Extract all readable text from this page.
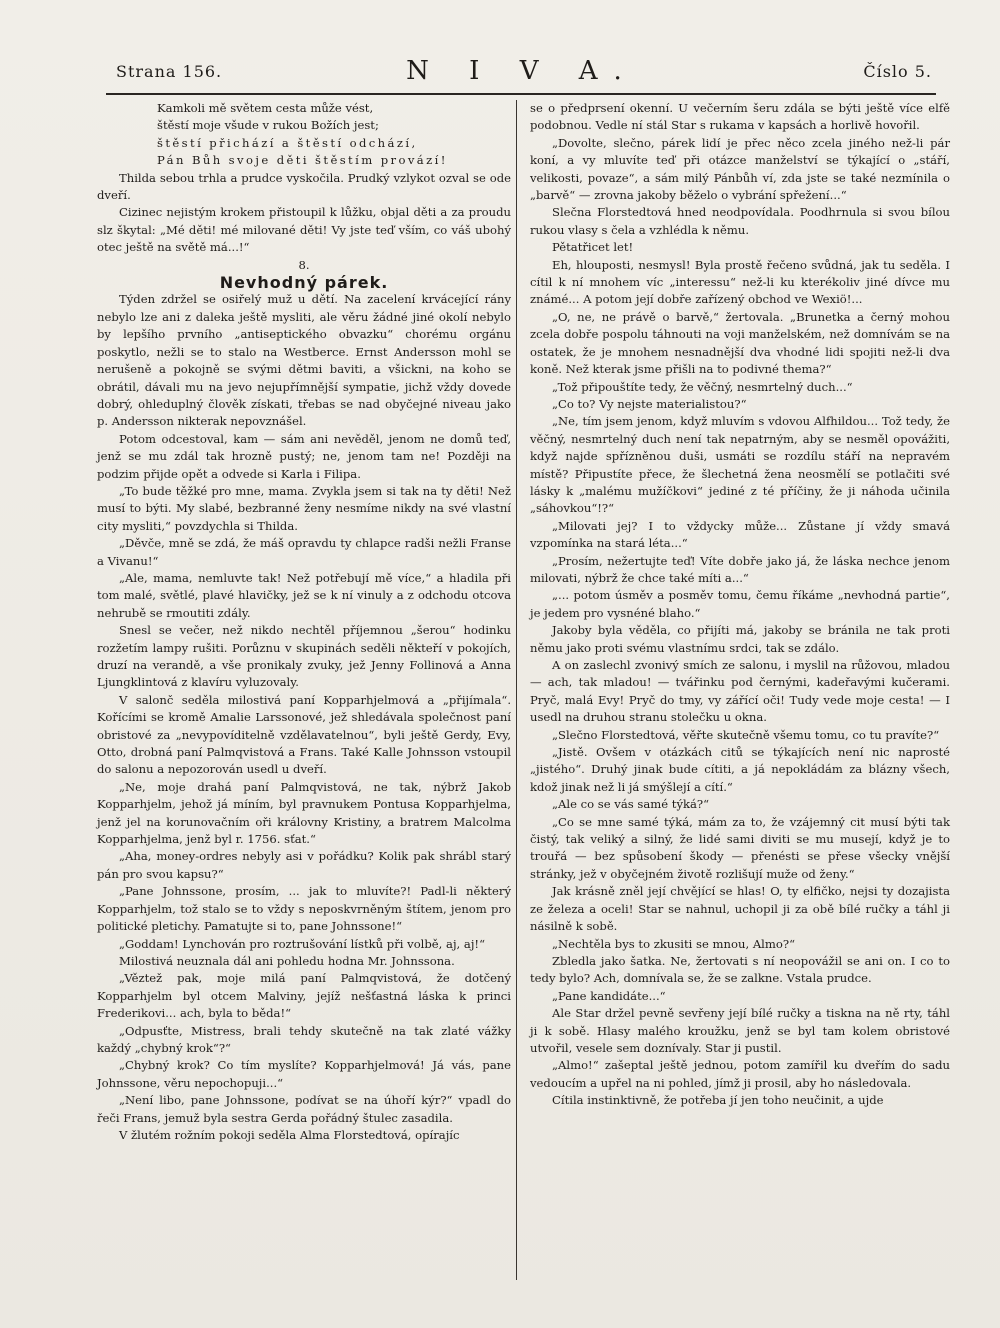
Strana 156.	N I V A.	Číslo 5.

Kamkoli mě světem cesta může vést,

štěstí moje všude v rukou Božích jest;

štěstí přichází a štěstí odchází,

Pán Bůh svoje děti štěstím provází!

Thilda sebou trhla a prudce vyskočila. Prudký vzlykot ozval se ode dveří.

Cizinec nejistým krokem přistoupil k lůžku, objal děti a za proudu slz škytal: „Mé děti! mé milované děti! Vy jste teď vším, co váš ubohý otec ještě na světě má...!“

8.

Nevhodný párek.

Týden zdržel se osiřelý muž u dětí. Na zacelení krvácející rány nebylo lze ani z daleka ještě mysliti, ale věru žádné jiné okolí nebylo by lepšího prvního „antiseptického obvazku“ chorému orgánu poskytlo, nežli se to stalo na Westberce. Ernst Andersson mohl se nerušeně a pokojně se svými dětmi baviti, a všickni, na koho se obrátil, dávali mu na jevo nejupřímnější sympatie, jichž vždy dovede dobrý, ohleduplný člověk získati, třebas se nad obyčejné niveau jako p. Andersson nikterak nepovznášel.

Potom odcestoval, kam — sám ani nevěděl, jenom ne domů teď, jenž se mu zdál tak hrozně pustý; ne, jenom tam ne! Později na podzim přijde opět a odvede si Karla i Filipa.

„To bude těžké pro mne, mama. Zvykla jsem si tak na ty děti! Než musí to býti. My slabé, bezbranné ženy nesmíme nikdy na své vlastní city mysliti,“ povzdychla si Thilda.

„Děvče, mně se zdá, že máš opravdu ty chlapce radši nežli Franse a Vivanu!“

„Ale, mama, nemluvte tak! Než potřebují mě více,“ a hladila při tom malé, světlé, plavé hlavičky, jež se k ní vinuly a z odchodu otcova nehrubě se rmoutiti zdály.

Snesl se večer, než nikdo nechtěl příjemnou „šerou“ hodinku rozžetím lampy rušiti. Porůznu v skupinách seděli někteří v pokojích, druzí na verandě, a vše pronikaly zvuky, jež Jenny Follinová a Anna Ljungklintová z klavíru vyluzovaly.

V salonč seděla milostivá paní Kopparhjelmová a „přijímala“. Kořícími se kromě Amalie Larssonové, jež shledávala společnost paní obristové za „nevypovíditelně vzdělavatelnou“, byli ještě Gerdy, Evy, Otto, drobná paní Palmqvistová a Frans. Také Kalle Johnsson vstoupil do salonu a nepozorován usedl u dveří.

„Ne, moje drahá paní Palmqvistová, ne tak, nýbrž Jakob Kopparhjelm, jehož já míním, byl pravnukem Pontusa Kopparhjelma, jenž jel na korunovačním oři královny Kristiny, a bratrem Malcolma Kopparhjelma, jenž byl r. 1756. sťat.“

„Aha, money-ordres nebyly asi v pořádku? Kolik pak shrábl starý pán pro svou kapsu?“

„Pane Johnssone, prosím, ... jak to mluvíte?! Padl-li některý Kopparhjelm, tož stalo se to vždy s neposkvrněným štítem, jenom pro politické pletichy. Pamatujte si to, pane Johnssone!“

„Goddam! Lynchován pro roztrušování lístků při volbě, aj, aj!“

Milostivá neuznala dál ani pohledu hodna Mr. Johnssona.

„Věztež pak, moje milá paní Palmqvistová, že dotčený Kopparhjelm byl otcem Malviny, jejíž nešťastná láska k princi Frederikovi... ach, byla to běda!“

„Odpusťte, Mistress, brali tehdy skutečně na tak zlaté vážky každý „chybný krok“?“

„Chybný krok? Co tím myslíte? Kopparhjelmová! Já vás, pane Johnssone, věru nepochopuji...“

„Není libo, pane Johnssone, podívat se na úhoří kýr?“ vpadl do řeči Frans, jemuž byla sestra Gerda pořádný štulec zasadila.

V žlutém rožním pokoji seděla Alma Florstedtová, opírajíc

se o předprsení okenní. U večerním šeru zdála se býti ještě více elfě podobnou. Vedle ní stál Star s rukama v kapsách a horlivě hovořil.

„Dovolte, slečno, párek lidí je přec něco zcela jiného než-li pár koní, a vy mluvíte teď při otázce manželství se týkající o „stáří, velikosti, povaze“, a sám milý Pánbůh ví, zda jste se také nezmínila o „barvě“ — zrovna jakoby běželo o vybrání spřežení...“

Slečna Florstedtová hned neodpovídala. Poodhrnula si svou bílou rukou vlasy s čela a vzhlédla k němu.

Pětatřicet let!

Eh, hlouposti, nesmysl! Byla prostě řečeno svůdná, jak tu seděla. I cítil k ní mnohem víc „interessu“ než-li ku kterékoliv jiné dívce mu známé... A potom její dobře zařízený obchod ve Wexiö!...

„O, ne, ne právě o barvě,“ žertovala. „Brunetka a černý mohou zcela dobře pospolu táhnouti na voji manželském, než domnívám se na ostatek, že je mnohem nesnadnější dva vhodné lidi spojiti než-li dva koně. Než kterak jsme přišli na to podivné thema?“

„Tož připouštíte tedy, že věčný, nesmrtelný duch...“

„Co to? Vy nejste materialistou?“

„Ne, tím jsem jenom, když mluvím s vdovou Alfhildou... Tož tedy, že věčný, nesmrtelný duch není tak nepatrným, aby se nesměl opovážiti, když najde spřízněnou duši, usmáti se rozdílu stáří na nepravém místě? Připustíte přece, že šlechetná žena neosmělí se potlačiti své lásky k „malému mužíčkovi“ jediné z té příčiny, že ji náhoda učinila „sáhovkou“!?“

„Milovati jej? I to vždycky může... Zůstane jí vždy smavá vzpomínka na stará léta...“

„Prosím, nežertujte teď! Víte dobře jako já, že láska nechce jenom milovati, nýbrž že chce také míti a...“

„... potom úsměv a posměv tomu, čemu říkáme „nevhodná partie“, je jedem pro vysnéné blaho.“

Jakoby byla věděla, co přijíti má, jakoby se bránila ne tak proti němu jako proti svému vlastnímu srdci, tak se zdálo.

A on zaslechl zvonivý smích ze salonu, i myslil na růžovou, mladou — ach, tak mladou! — tvářinku pod černými, kadeřavými kučerami. Pryč, malá Evy! Pryč do tmy, vy zářící oči! Tudy vede moje cesta! — I usedl na druhou stranu stolečku u okna.

„Slečno Florstedtová, věřte skutečně všemu tomu, co tu pravíte?“

„Jistě. Ovšem v otázkách citů se týkajících není nic naprosté „jistého“. Druhý jinak bude cítiti, a já nepokládám za blázny všech, kdož jinak než li já smýšlejí a cítí.“

„Ale co se vás samé týká?“

„Co se mne samé týká, mám za to, že vzájemný cit musí býti tak čistý, tak veliký a silný, že lidé sami diviti se mu musejí, když je to trouřá — bez spůsobení škody — přenésti se přese všecky vnější stránky, jež v obyčejném životě rozlišují muže od ženy.“

Jak krásně zněl její chvějící se hlas! O, ty elfičko, nejsi ty dozajista ze železa a oceli! Star se nahnul, uchopil ji za obě bílé ručky a táhl ji násilně k sobě.

„Nechtěla bys to zkusiti se mnou, Almo?“

Zbledla jako šatka. Ne, žertovati s ní neopovážil se ani on. I co to tedy bylo? Ach, domnívala se, že se zalkne. Vstala prudce.

„Pane kandidáte...“

Ale Star držel pevně sevřeny její bílé ručky a tiskna na ně rty, táhl ji k sobě. Hlasy malého kroužku, jenž se byl tam kolem obristové utvořil, vesele sem doznívaly. Star ji pustil.

„Almo!“ zašeptal ještě jednou, potom zamířil ku dveřím do sadu vedoucím a upřel na ni pohled, jímž ji prosil, aby ho následovala.

Cítila instinktivně, že potřeba jí jen toho neučinit, a ujde
